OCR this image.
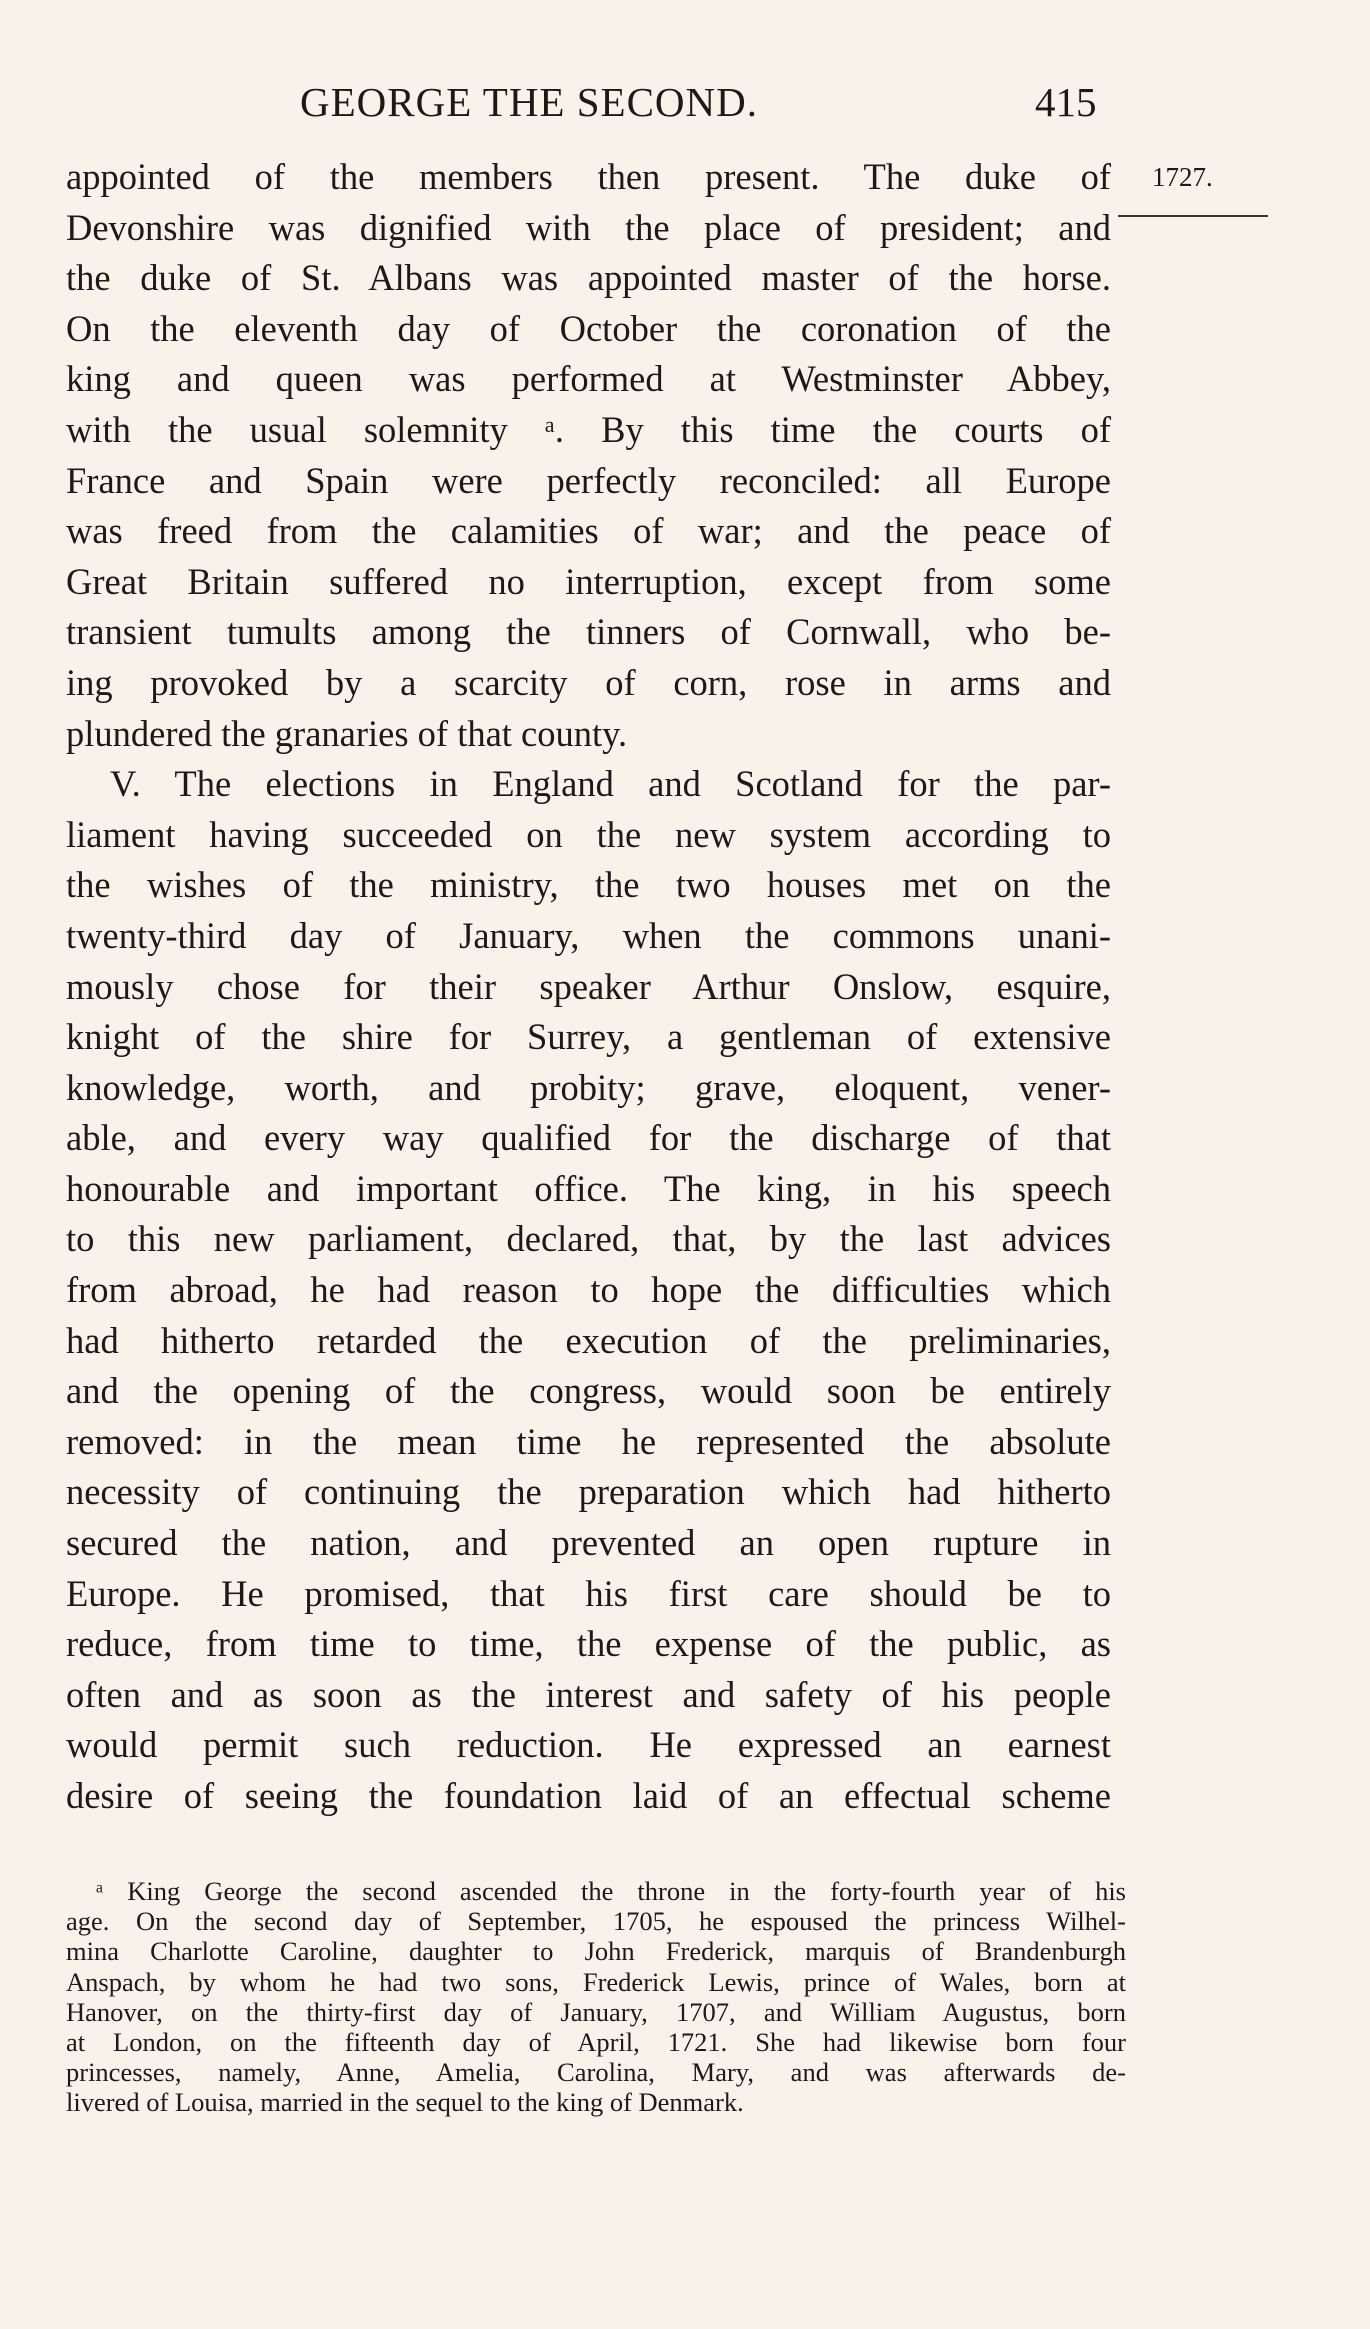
GEORGE THE SECOND.	415
1727.
appointed of the members then present. The duke of
Devonshire was dignified with the place of president; and
the duke of St. Albans was appointed master of the horse.
On the eleventh day of October the coronation of the
king and queen was performed at Westminster Abbey,
with the usual solemnity ᵃ. By this time the courts of
France and Spain were perfectly reconciled: all Europe
was freed from the calamities of war; and the peace of
Great Britain suffered no interruption, except from some
transient tumults among the tinners of Cornwall, who be-
ing provoked by a scarcity of corn, rose in arms and
plundered the granaries of that county.
V. The elections in England and Scotland for the par-
liament having succeeded on the new system according to
the wishes of the ministry, the two houses met on the
twenty-third day of January, when the commons unani-
mously chose for their speaker Arthur Onslow, esquire,
knight of the shire for Surrey, a gentleman of extensive
knowledge, worth, and probity; grave, eloquent, vener-
able, and every way qualified for the discharge of that
honourable and important office. The king, in his speech
to this new parliament, declared, that, by the last advices
from abroad, he had reason to hope the difficulties which
had hitherto retarded the execution of the preliminaries,
and the opening of the congress, would soon be entirely
removed: in the mean time he represented the absolute
necessity of continuing the preparation which had hitherto
secured the nation, and prevented an open rupture in
Europe. He promised, that his first care should be to
reduce, from time to time, the expense of the public, as
often and as soon as the interest and safety of his people
would permit such reduction. He expressed an earnest
desire of seeing the foundation laid of an effectual scheme
ᵃ King George the second ascended the throne in the forty-fourth year of his
age. On the second day of September, 1705, he espoused the princess Wilhel-
mina Charlotte Caroline, daughter to John Frederick, marquis of Brandenburgh
Anspach, by whom he had two sons, Frederick Lewis, prince of Wales, born at
Hanover, on the thirty-first day of January, 1707, and William Augustus, born
at London, on the fifteenth day of April, 1721. She had likewise born four
princesses, namely, Anne, Amelia, Carolina, Mary, and was afterwards de-
livered of Louisa, married in the sequel to the king of Denmark.
